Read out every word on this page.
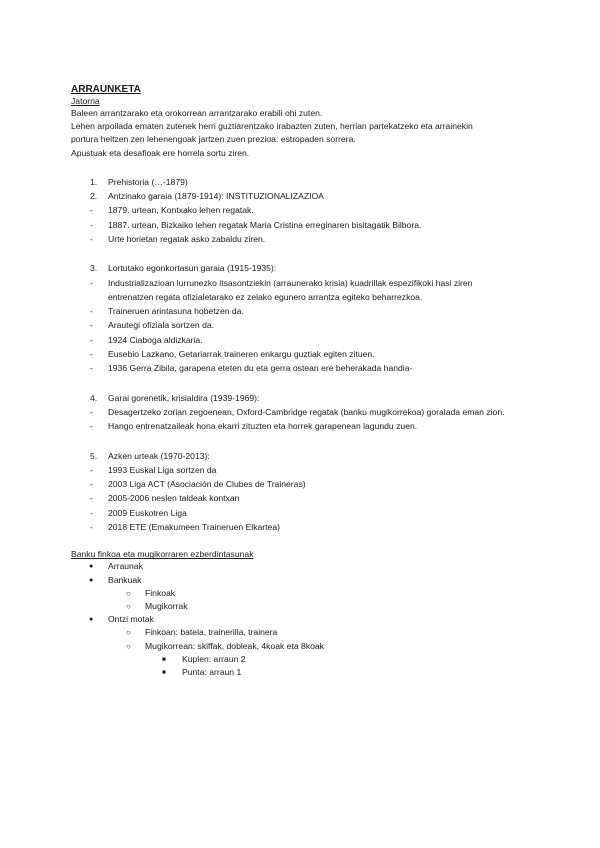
ARRAUNKETA

Jatorria

Baleen arrantzarako eta orokorrean arrantzarako erabili ohi zuten.

Lehen arpoilada ematen zutenek herri guztiarentzako irabazten zuten, herrian partekatzeko eta arrainekin

portura heltzen zen lehenengoak jartzen zuen prezioa: estropaden sorrera.

Apustuak eta desafioak ere horrela sortu ziren.

1. Prehistoria (…-1879)
2. Antzinako garaia (1879-1914): INSTITUZIONALIZAZIOA
- 1879. urtean, Kontxako lehen regatak.
- 1887. urtean, Bizkaiko lehen regatak Maria Cristina erreginaren bisitagatik Bilbora.
- Urte horietan regatak asko zabaldu ziren.
3. Lortutako egonkortasun garaia (1915-1935):
- Industrializazioan lurrunezko itsasontziekin (arraunerako krisia) kuadrillak espezifikoki hasi ziren
entrenatzen regata ofizialetarako ez zelako egunero arrantza egiteko beharrezkoa.
- Traineruen arintasuna hobetzen da.
- Arautegi ofiziala sortzen da.
- 1924 Ciaboga aldizkaria.
- Eusebio Lazkano, Getariarrak traineren enkargu guztiak egiten zituen.
- 1936 Gerra Zibila, garapena eteten du eta gerra ostean ere beherakada handia-
4. Garai gorenetik, krisialdira (1939-1969):
- Desagertzeko zorian zegoenean, Oxford-Cambridge regatak (banku mugikorrekoa) goralada eman zion.
- Hango entrenatzaileak hona ekarri zituzten eta horrek garapenean lagundu zuen.
5. Azken urteak (1970-2013):
- 1993 Euskal Liga sortzen da
- 2003 Liga ACT (Asociación de Clubes de Traineras)
- 2005-2006 neslen taldeak kontxan
- 2009 Euskotren Liga
- 2018 ETE (Emakumeen Traineruen Elkartea)

Banku finkoa eta mugikorraren ezberdintasunak

● Arraunak
● Bankuak
○ Finkoak
○ Mugikorrak
● Ontzi motak
○ Finkoan: batela, trainerilla, trainera
○ Mugikorrean: skiffak, dobleak, 4koak eta 8koak
■ Kuplen: arraun 2
■ Punta: arraun 1
